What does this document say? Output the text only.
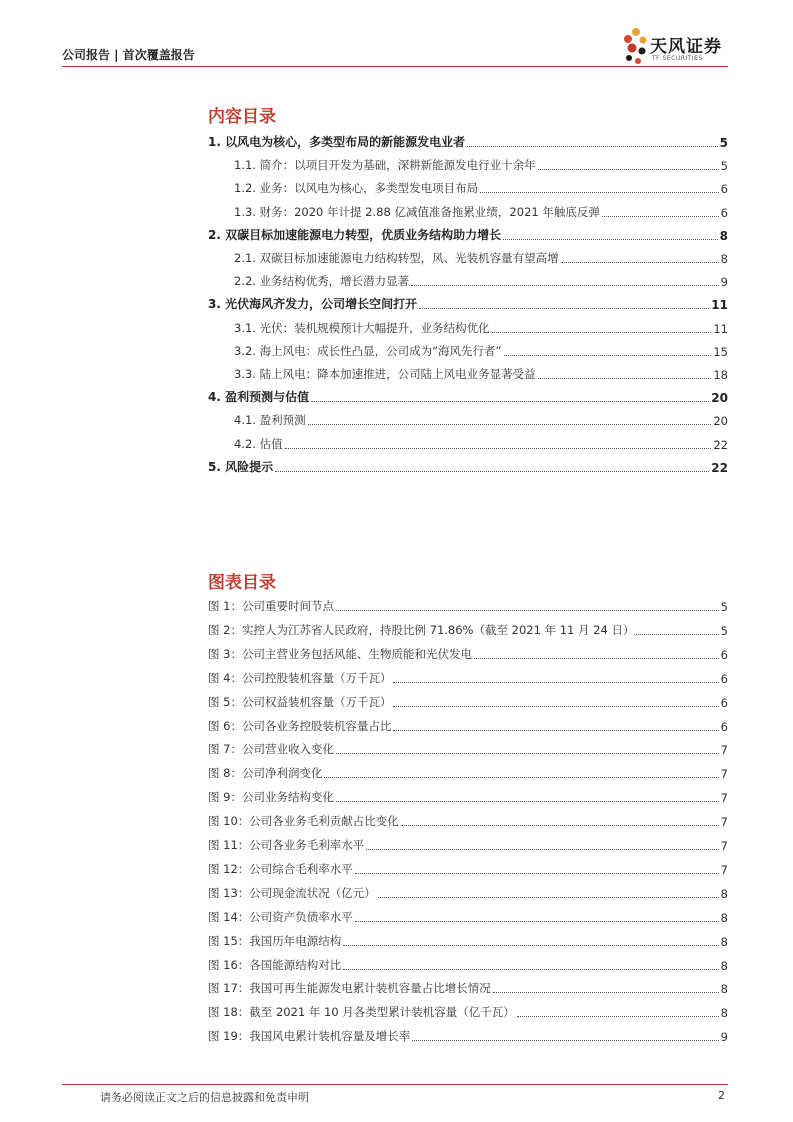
公司报告 | 首次覆盖报告	天风证券
TF SECURITIES
内容目录
1. 以风电为核心，多类型布局的新能源发电业者	5
1.1. 简介：以项目开发为基础，深耕新能源发电行业十余年	5
1.2. 业务：以风电为核心，多类型发电项目布局	6
1.3. 财务：2020 年计提 2.88 亿减值准备拖累业绩，2021 年触底反弹	6
2. 双碳目标加速能源电力转型，优质业务结构助力增长	8
2.1. 双碳目标加速能源电力结构转型，风、光装机容量有望高增	8
2.2. 业务结构优秀，增长潜力显著	9
3. 光伏海风齐发力，公司增长空间打开	11
3.1. 光伏：装机规模预计大幅提升，业务结构优化	11
3.2. 海上风电：成长性凸显，公司成为“海风先行者”	15
3.3. 陆上风电：降本加速推进，公司陆上风电业务显著受益	18
4. 盈利预测与估值	20
4.1. 盈利预测	20
4.2. 估值	22
5. 风险提示	22
图表目录
图 1：公司重要时间节点	5
图 2：实控人为江苏省人民政府，持股比例 71.86%（截至 2021 年 11 月 24 日）	5
图 3：公司主营业务包括风能、生物质能和光伏发电	6
图 4：公司控股装机容量（万千瓦）	6
图 5：公司权益装机容量（万千瓦）	6
图 6：公司各业务控股装机容量占比	6
图 7：公司营业收入变化	7
图 8：公司净利润变化	7
图 9：公司业务结构变化	7
图 10：公司各业务毛利贡献占比变化	7
图 11：公司各业务毛利率水平	7
图 12：公司综合毛利率水平	7
图 13：公司现金流状况（亿元）	8
图 14：公司资产负债率水平	8
图 15：我国历年电源结构	8
图 16：各国能源结构对比	8
图 17：我国可再生能源发电累计装机容量占比增长情况	8
图 18：截至 2021 年 10 月各类型累计装机容量（亿千瓦）	8
图 19：我国风电累计装机容量及增长率	9
请务必阅读正文之后的信息披露和免责申明	2
